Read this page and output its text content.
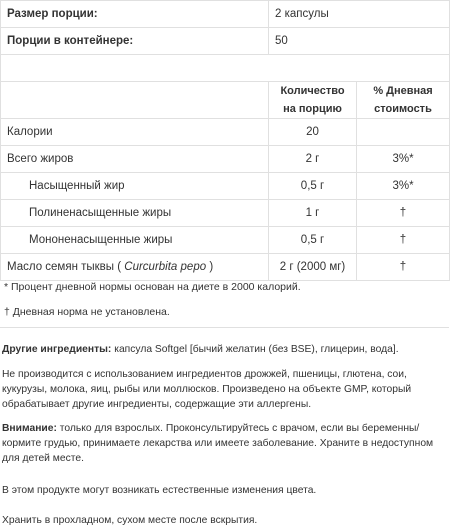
Размер порции:	2 капсулы	
Порции в контейнере:	50	

	Количество на порцию	% Дневная стоимость
Калории	20	
Всего жиров	2 г	3%*
Насыщенный жир	0,5 г	3%*
Полиненасыщенные жиры	1 г	†
Мононенасыщенные жиры	0,5 г	†
Масло семян тыквы ( Curcurbita pepo )	2 г (2000 мг)	†
* Процент дневной нормы основан на диете в 2000 калорий.
† Дневная норма не установлена.

Другие ингредиенты: капсула Softgel [бычий желатин (без BSE), глицерин, вода].

Не производится с использованием ингредиентов дрожжей, пшеницы, глютена, сои, кукурузы, молока, яиц, рыбы или моллюсков. Произведено на объекте GMP, который обрабатывает другие ингредиенты, содержащие эти аллергены.

Внимание: только для взрослых. Проконсультируйтесь с врачом, если вы беременны/кормите грудью, принимаете лекарства или имеете заболевание. Храните в недоступном для детей месте.

В этом продукте могут возникать естественные изменения цвета.

Хранить в прохладном, сухом месте после вскрытия.
